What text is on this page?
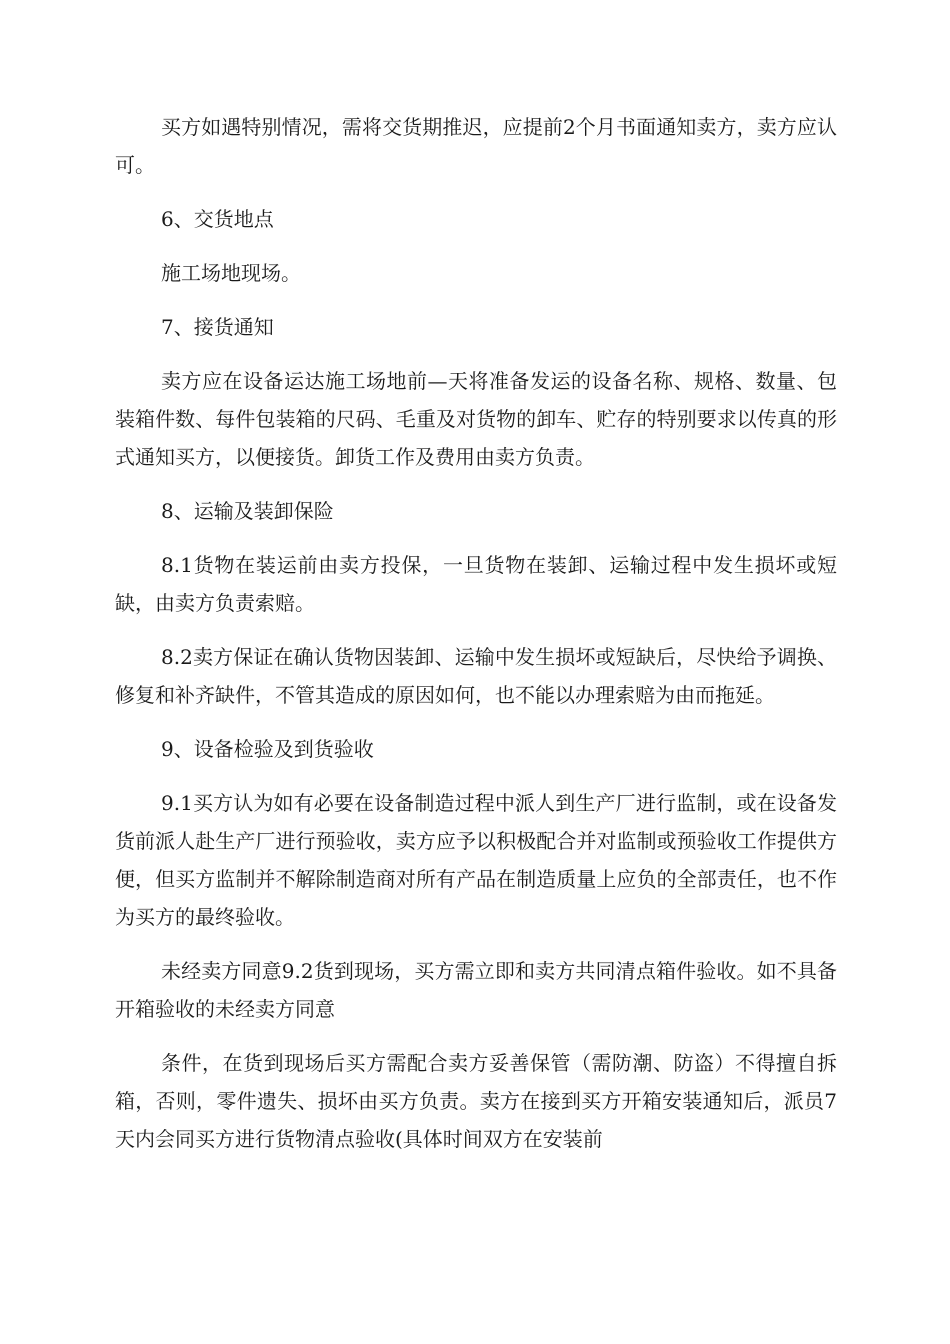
买方如遇特别情况，需将交货期推迟，应提前2个月书面通知卖方，卖方应认可。

6、交货地点

施工场地现场。

7、接货通知

卖方应在设备运达施工场地前—天将准备发运的设备名称、规格、数量、包装箱件数、每件包装箱的尺码、毛重及对货物的卸车、贮存的特别要求以传真的形式通知买方，以便接货。卸货工作及费用由卖方负责。

8、运输及装卸保险

8.1货物在装运前由卖方投保，一旦货物在装卸、运输过程中发生损坏或短缺，由卖方负责索赔。

8.2卖方保证在确认货物因装卸、运输中发生损坏或短缺后，尽快给予调换、修复和补齐缺件，不管其造成的原因如何，也不能以办理索赔为由而拖延。

9、设备检验及到货验收

9.1买方认为如有必要在设备制造过程中派人到生产厂进行监制，或在设备发货前派人赴生产厂进行预验收，卖方应予以积极配合并对监制或预验收工作提供方便，但买方监制并不解除制造商对所有产品在制造质量上应负的全部责任，也不作为买方的最终验收。

未经卖方同意9.2货到现场，买方需立即和卖方共同清点箱件验收。如不具备开箱验收的未经卖方同意

条件，在货到现场后买方需配合卖方妥善保管（需防潮、防盗）不得擅自拆箱，否则，零件遗失、损坏由买方负责。卖方在接到买方开箱安装通知后，派员7天内会同买方进行货物清点验收(具体时间双方在安装前
